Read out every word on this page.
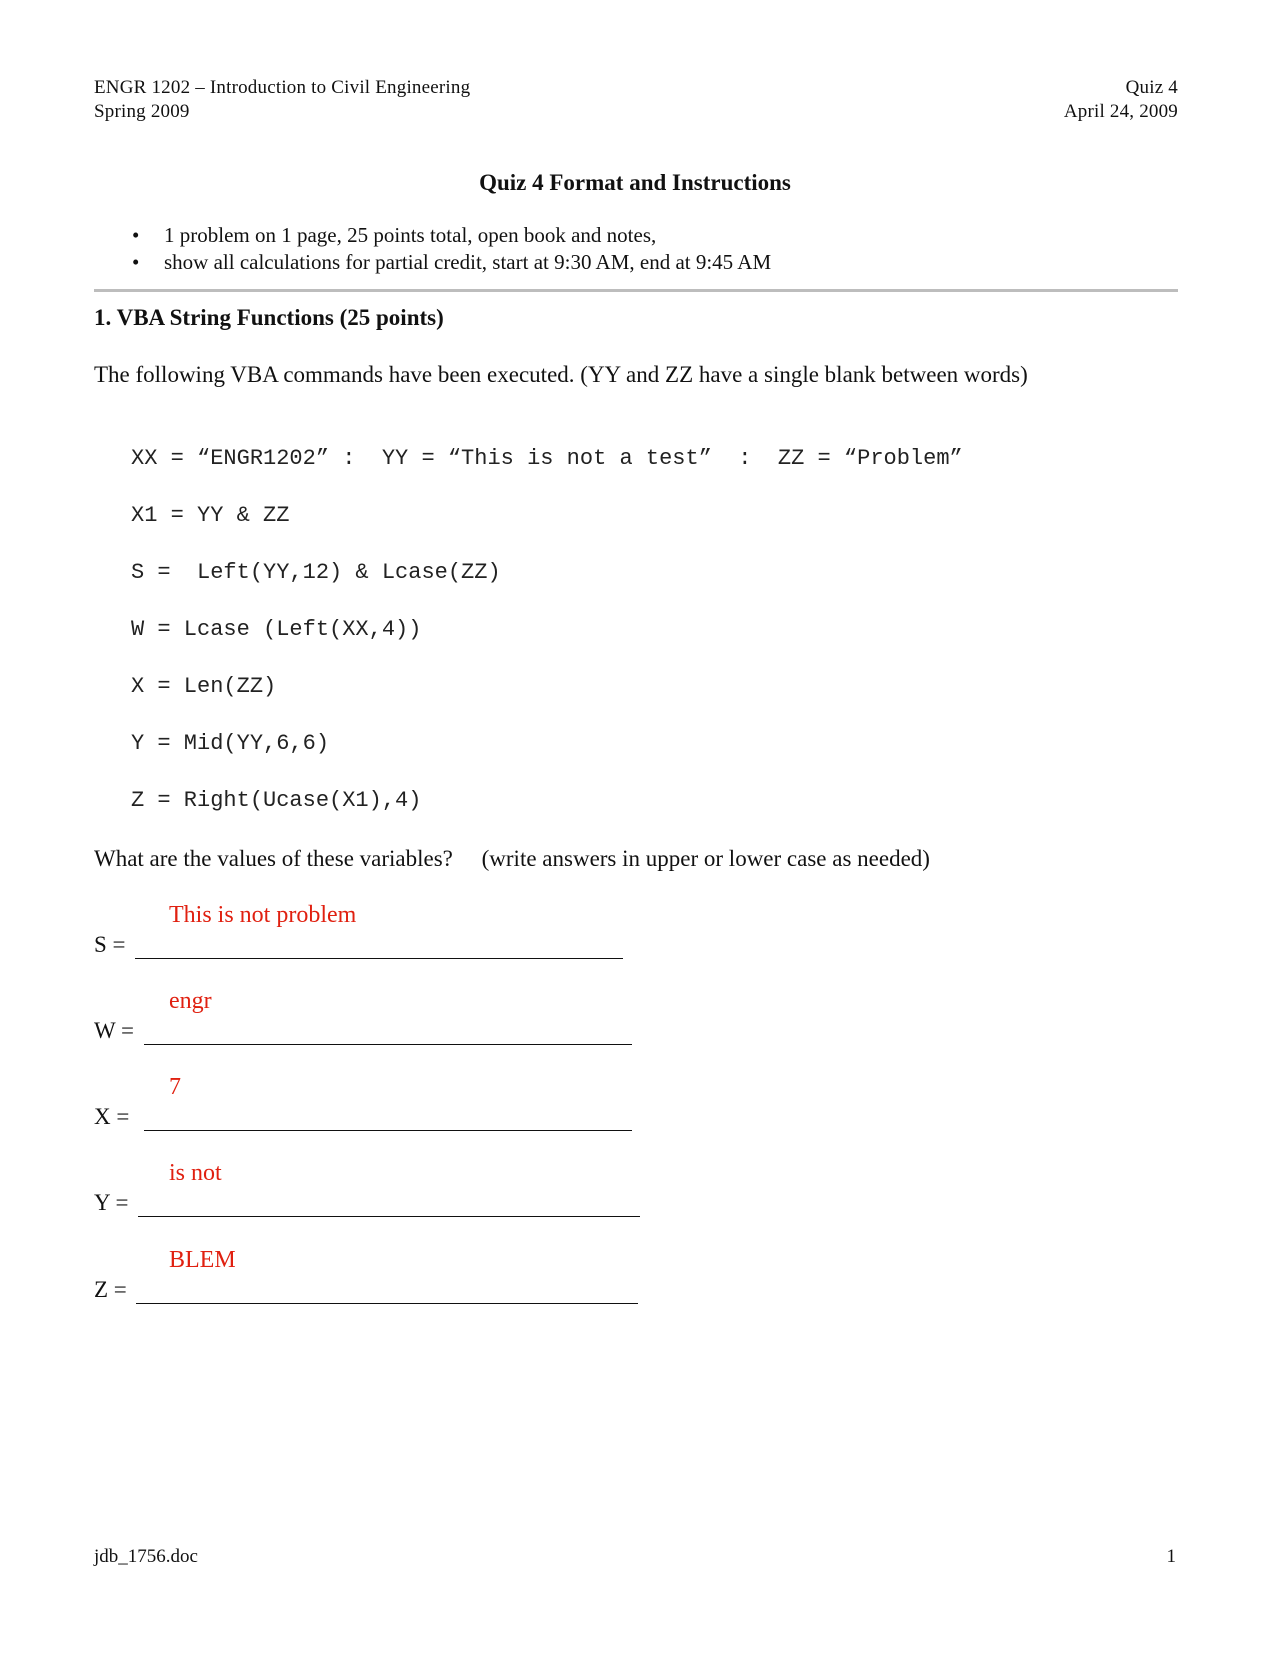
ENGR 1202 – Introduction to Civil Engineering
Spring 2009
Quiz 4
April 24, 2009
Quiz 4 Format and Instructions
•	1 problem on 1 page, 25 points total, open book and notes,
•	show all calculations for partial credit, start at 9:30 AM, end at 9:45 AM
1. VBA String Functions (25 points)
The following VBA commands have been executed. (YY and ZZ have a single blank between words)
XX = “ENGR1202” :  YY = “This is not a test”  :  ZZ = “Problem”
X1 = YY & ZZ
S =  Left(YY,12) & Lcase(ZZ)
W = Lcase (Left(XX,4))
X = Len(ZZ)
Y = Mid(YY,6,6)
Z = Right(Ucase(X1),4)
What are the values of these variables?     (write answers in upper or lower case as needed)
This is not problem
S =
engr
W =
7
X =
is not
Y =
BLEM
Z =
jdb_1756.doc	1
